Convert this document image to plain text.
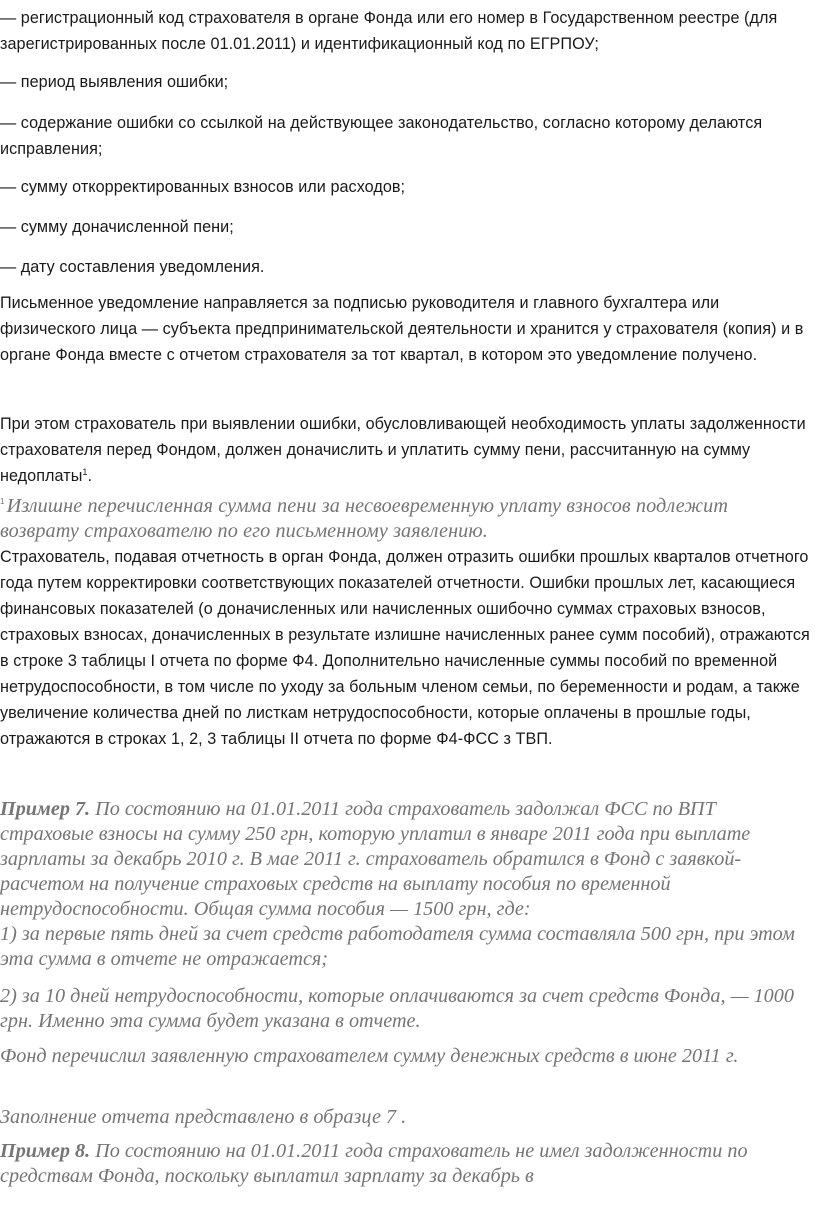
— регистрационный код страхователя в органе Фонда или его номер в Государственном реестре (для зарегистрированных после 01.01.2011) и идентификационный код по ЕГРПОУ;

— период выявления ошибки;

— содержание ошибки со ссылкой на действующее законодательство, согласно которому делаются исправления;

— сумму откорректированных взносов или расходов;

— сумму доначисленной пени;

— дату составления уведомления.

Письменное уведомление направляется за подписью руководителя и главного бухгалтера или физического лица — субъекта предпринимательской деятельности и хранится у страхователя (копия) и в органе Фонда вместе с отчетом страхователя за тот квартал, в котором это уведомление получено.

При этом страхователь при выявлении ошибки, обусловливающей необходимость уплаты задолженности страхователя перед Фондом, должен доначислить и уплатить сумму пени, рассчитанную на сумму недоплаты$^1$.

$^1$Излишне перечисленная сумма пени за несвоевременную уплату взносов подлежит возврату страхователю по его письменному заявлению.

Страхователь, подавая отчетность в орган Фонда, должен отразить ошибки прошлых кварталов отчетного года путем корректировки соответствующих показателей отчетности. Ошибки прошлых лет, касающиеся финансовых показателей (о доначисленных или начисленных ошибочно суммах страховых взносов, страховых взносах, доначисленных в результате излишне начисленных ранее сумм пособий), отражаются в строке 3 таблицы I отчета по форме Ф4. Дополнительно начисленные суммы пособий по временной нетрудоспособности, в том числе по уходу за больным членом семьи, по беременности и родам, а также увеличение количества дней по листкам нетрудоспособности, которые оплачены в прошлые годы, отражаются в строках 1, 2, 3 таблицы II отчета по форме Ф4-ФСС з ТВП.

Пример 7. По состоянию на 01.01.2011 года страхователь задолжал ФСС по ВПТ страховые взносы на сумму 250 грн, которую уплатил в январе 2011 года при выплате зарплаты за декабрь 2010 г. В мае 2011 г. страхователь обратился в Фонд с заявкой-расчетом на получение страховых средств на выплату пособия по временной нетрудоспособности. Общая сумма пособия — 1500 грн, где:

1) за первые пять дней за счет средств работодателя сумма составляла 500 грн, при этом эта сумма в отчете не отражается;

2) за 10 дней нетрудоспособности, которые оплачиваются за счет средств Фонда, — 1000 грн. Именно эта сумма будет указана в отчете.

Фонд перечислил заявленную страхователем сумму денежных средств в июне 2011 г.

Заполнение отчета представлено в образце 7 .

Пример 8. По состоянию на 01.01.2011 года страхователь не имел задолженности по средствам Фонда, поскольку выплатил зарплату за декабрь в
